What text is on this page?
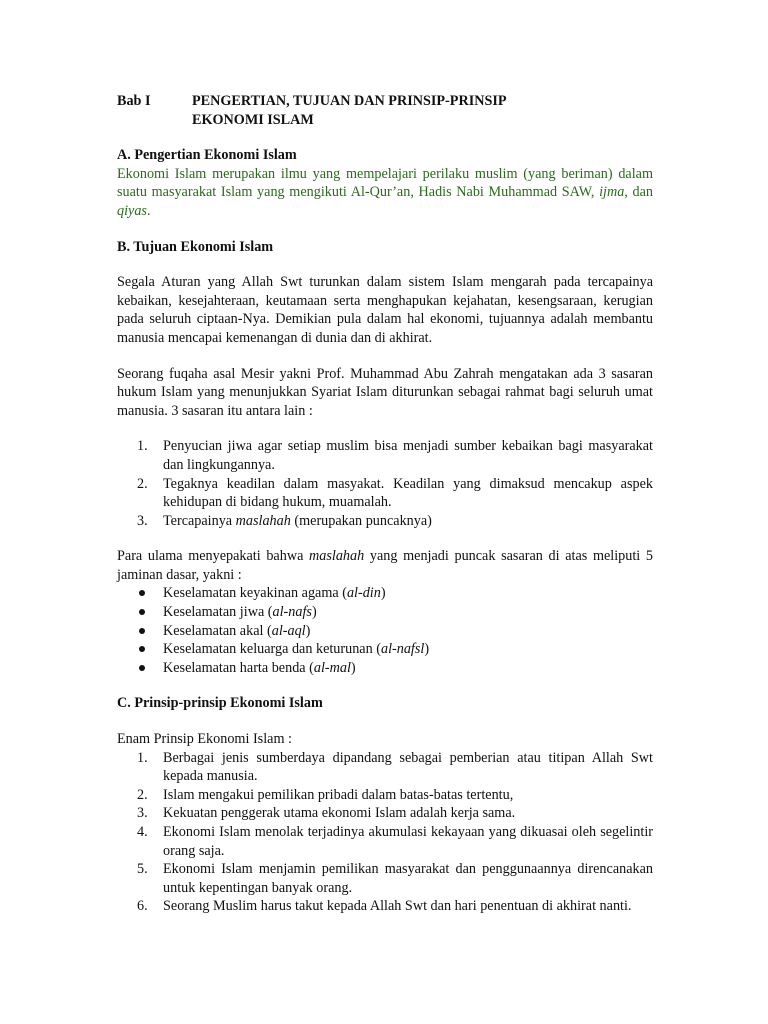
Bab I	PENGERTIAN, TUJUAN DAN PRINSIP-PRINSIP
EKONOMI ISLAM
A. Pengertian Ekonomi Islam
Ekonomi Islam merupakan ilmu yang mempelajari perilaku muslim (yang beriman) dalam suatu masyarakat Islam yang mengikuti Al-Qur’an, Hadis Nabi Muhammad SAW, ijma, dan qiyas.
B. Tujuan Ekonomi Islam
Segala Aturan yang Allah Swt turunkan dalam sistem Islam mengarah pada tercapainya kebaikan, kesejahteraan, keutamaan serta menghapukan kejahatan, kesengsaraan, kerugian pada seluruh ciptaan-Nya. Demikian pula dalam hal ekonomi, tujuannya adalah membantu manusia mencapai kemenangan di dunia dan di akhirat.
Seorang fuqaha asal Mesir yakni Prof. Muhammad Abu Zahrah mengatakan ada 3 sasaran hukum Islam yang menunjukkan Syariat Islam diturunkan sebagai rahmat bagi seluruh umat manusia. 3 sasaran itu antara lain :
1. Penyucian jiwa agar setiap muslim bisa menjadi sumber kebaikan bagi masyarakat dan lingkungannya.
2. Tegaknya keadilan dalam masyakat. Keadilan yang dimaksud mencakup aspek kehidupan di bidang hukum, muamalah.
3. Tercapainya maslahah (merupakan puncaknya)
Para ulama menyepakati bahwa maslahah yang menjadi puncak sasaran di atas meliputi 5 jaminan dasar, yakni :
Keselamatan keyakinan agama (al-din)
Keselamatan jiwa (al-nafs)
Keselamatan akal (al-aql)
Keselamatan keluarga dan keturunan (al-nafsl)
Keselamatan harta benda (al-mal)
C. Prinsip-prinsip Ekonomi Islam
Enam Prinsip Ekonomi Islam :
1. Berbagai jenis sumberdaya dipandang sebagai pemberian atau titipan Allah Swt kepada manusia.
2. Islam mengakui pemilikan pribadi dalam batas-batas tertentu,
3. Kekuatan penggerak utama ekonomi Islam adalah kerja sama.
4. Ekonomi Islam menolak terjadinya akumulasi kekayaan yang dikuasai oleh segelintir orang saja.
5. Ekonomi Islam menjamin pemilikan masyarakat dan penggunaannya direncanakan untuk kepentingan banyak orang.
6. Seorang Muslim harus takut kepada Allah Swt dan hari penentuan di akhirat nanti.
